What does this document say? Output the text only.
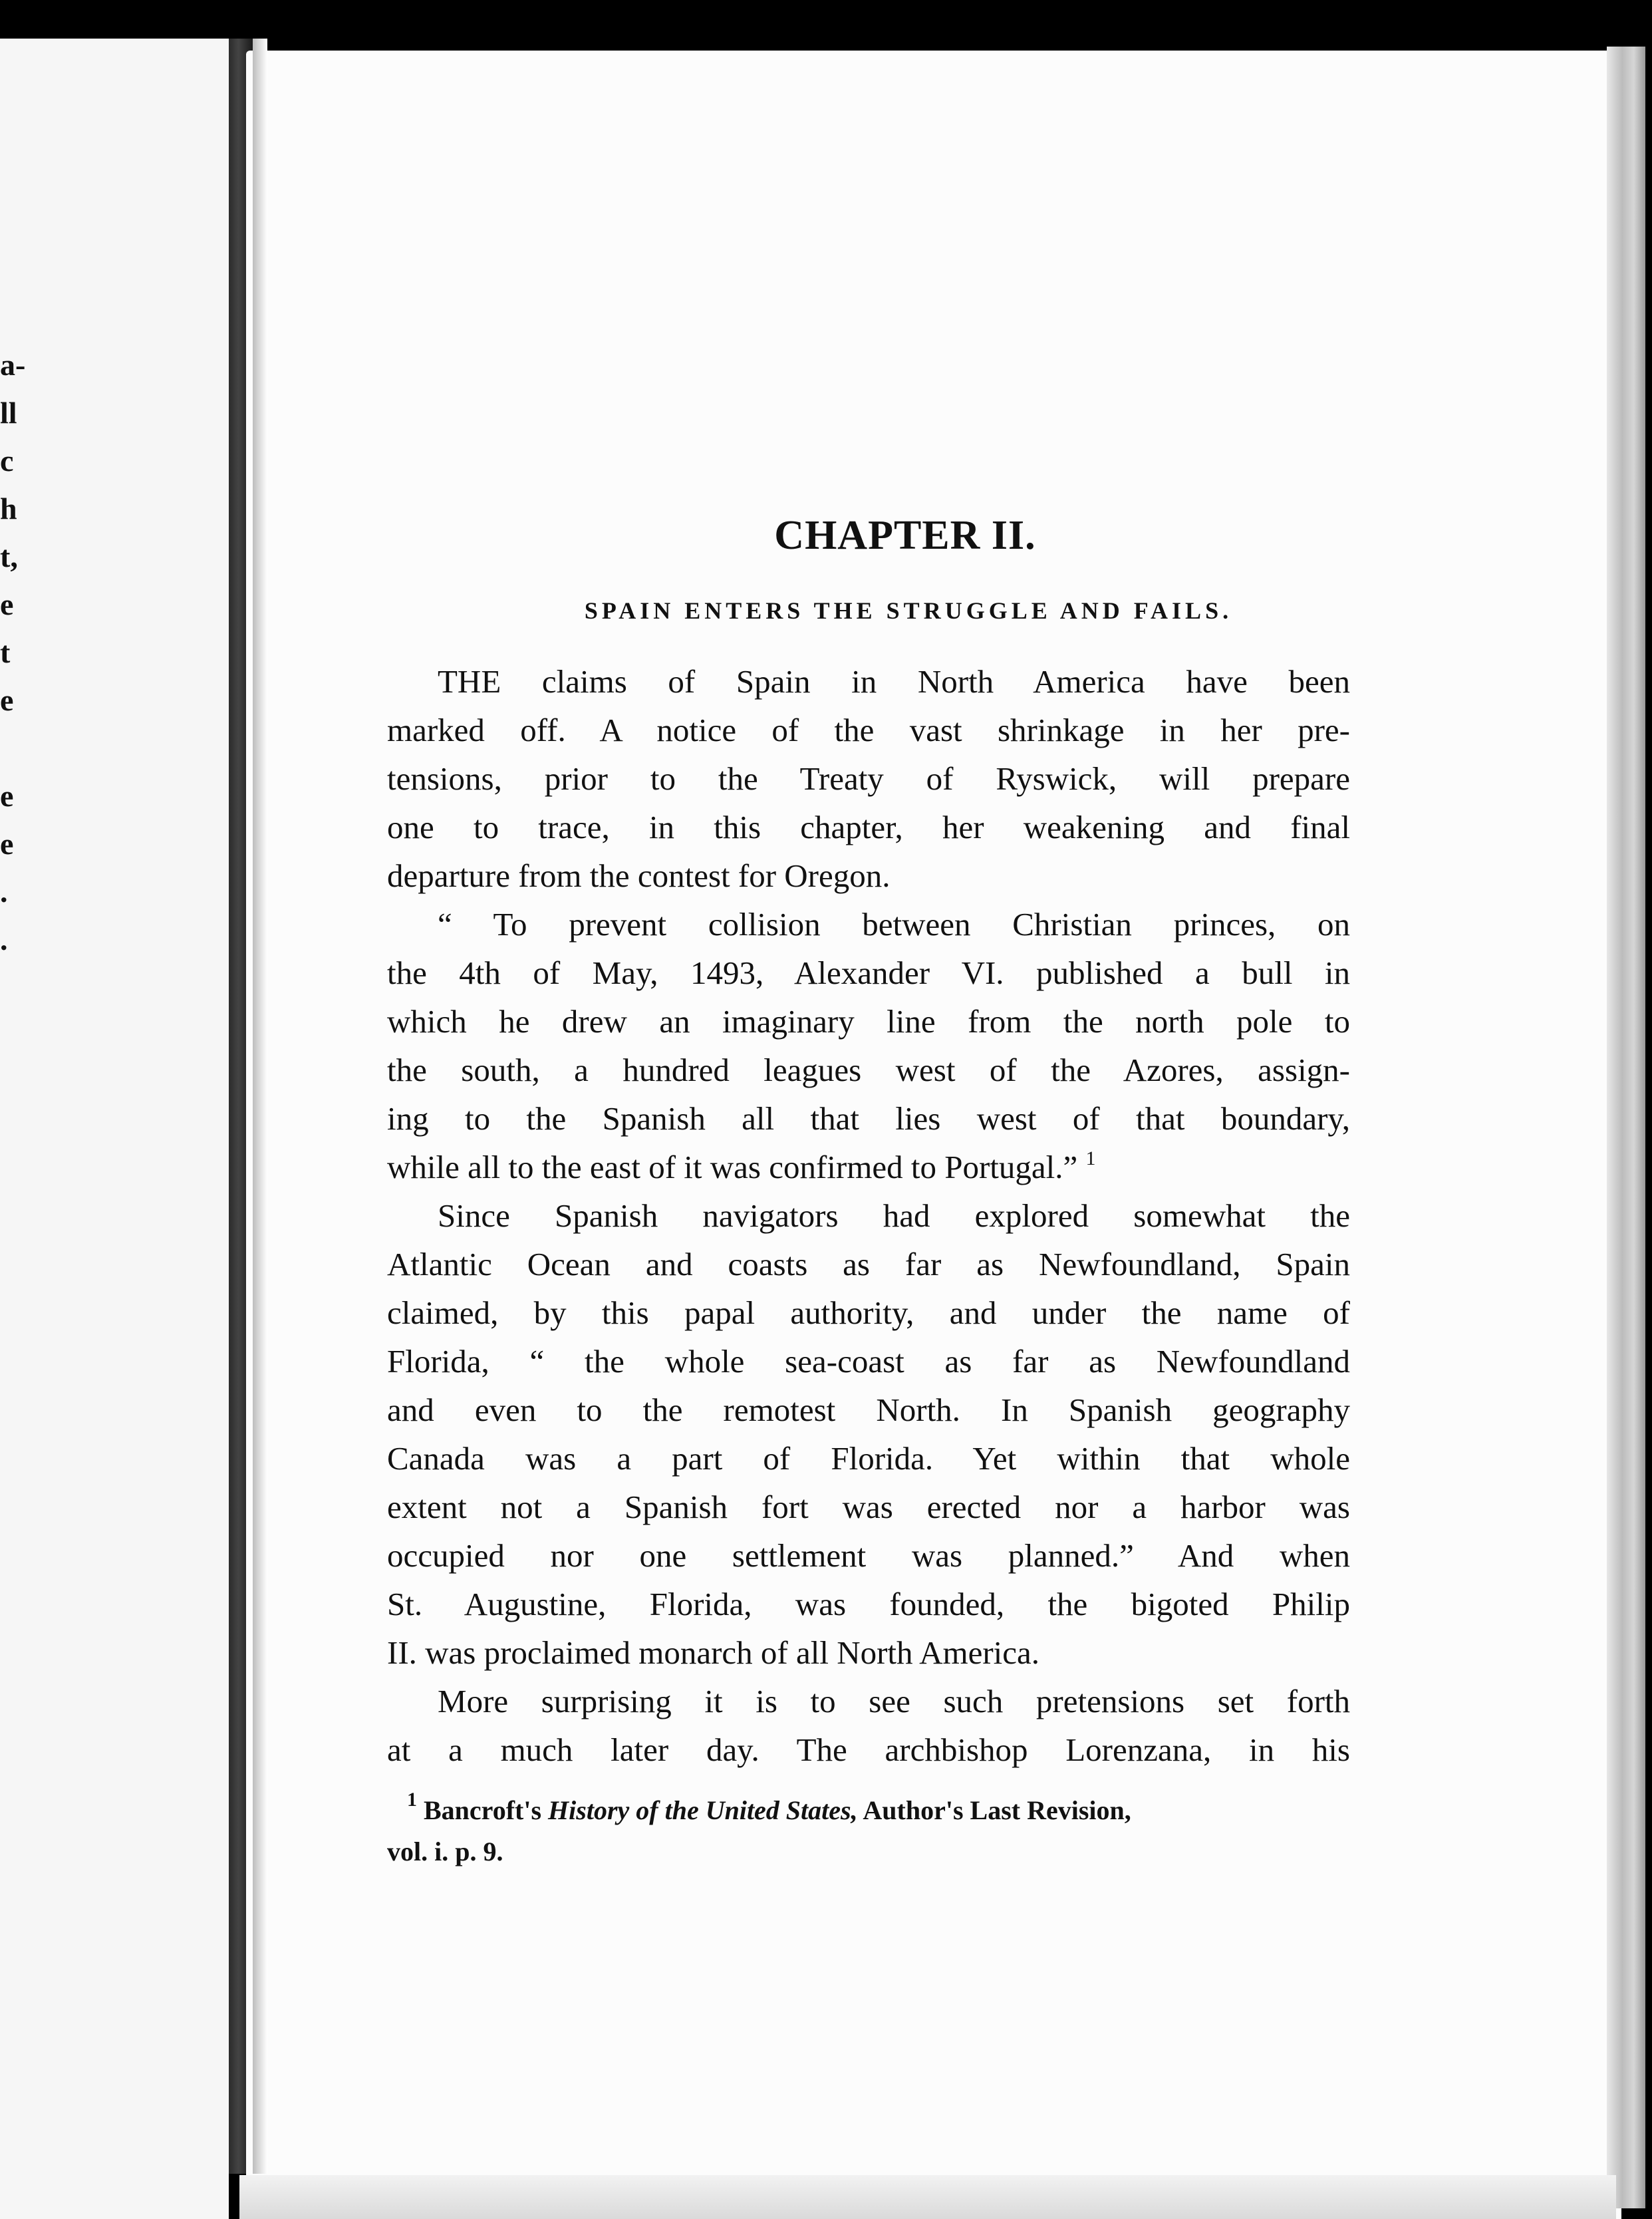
a-
ll
c
h
t,
e
t
e
e
e
.
.
CHAPTER II.
SPAIN ENTERS THE STRUGGLE AND FAILS.

THE claims of Spain in North America have been
marked off. A notice of the vast shrinkage in her pre-
tensions, prior to the Treaty of Ryswick, will prepare
one to trace, in this chapter, her weakening and final
departure from the contest for Oregon.

“ To prevent collision between Christian princes, on
the 4th of May, 1493, Alexander VI. published a bull in
which he drew an imaginary line from the north pole to
the south, a hundred leagues west of the Azores, assign-
ing to the Spanish all that lies west of that boundary,
while all to the east of it was confirmed to Portugal.” $^1$

Since Spanish navigators had explored somewhat the
Atlantic Ocean and coasts as far as Newfoundland, Spain
claimed, by this papal authority, and under the name of
Florida, “ the whole sea-coast as far as Newfoundland
and even to the remotest North. In Spanish geography
Canada was a part of Florida. Yet within that whole
extent not a Spanish fort was erected nor a harbor was
occupied nor one settlement was planned.” And when
St. Augustine, Florida, was founded, the bigoted Philip
II. was proclaimed monarch of all North America.

More surprising it is to see such pretensions set forth
at a much later day. The archbishop Lorenzana, in his

$^1$ Bancroft's History of the United States, Author's Last Revision,
vol. i. p. 9.
